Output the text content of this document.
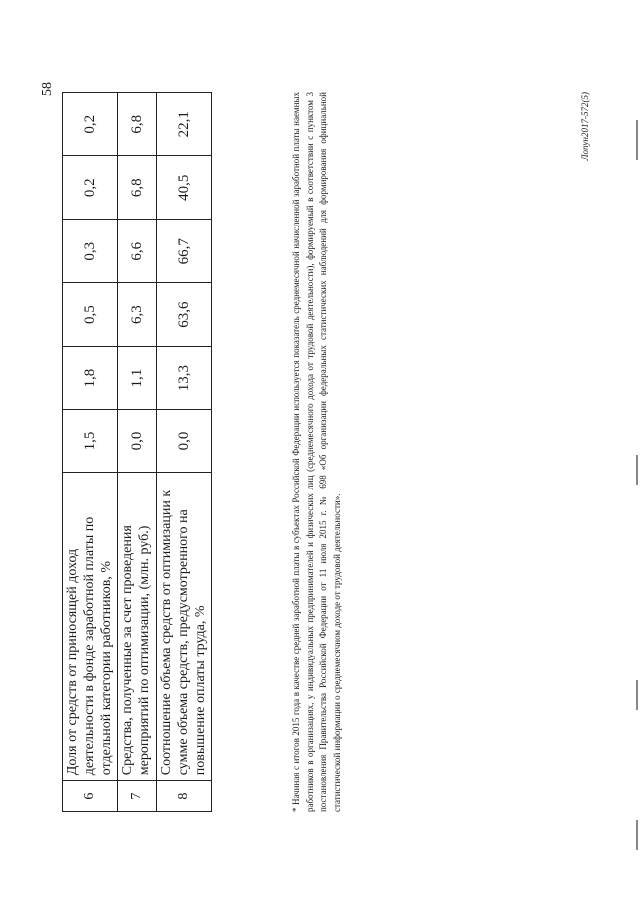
58
6	Доля от средств от приносящей доход деятельности в фонде заработной платы по отдельной категории работников, %	1,5	1,8	0,5	0,3	0,2	0,2
7	Средства, полученные за счет проведения мероприятий по оптимизации, (млн. руб.)	0,0	1,1	6,3	6,6	6,8	6,8
8	Соотношение объема средств от оптимизации к сумме объема средств, предусмотренного на повышение оплаты труда, %	0,0	13,3	63,6	66,7	40,5	22,1	* Начиная с итогов 2015 года в качестве средней заработной платы в субъектах Российской Федерации используется показатель среднемесячной начисленной заработной платы наемных работников в организациях, у индивидуальных предпринимателей и физических лиц (среднемесячного дохода от трудовой деятельности), формируемый в соответствии с пунктом 3 постановления Правительства Российской Федерации от 11 июля 2015 г. № 698 «Об организации федеральных статистических наблюдений для формирования официальной статистической информации о среднемесячном доходе от трудовой деятельности».
Лопун2017-572(5)
